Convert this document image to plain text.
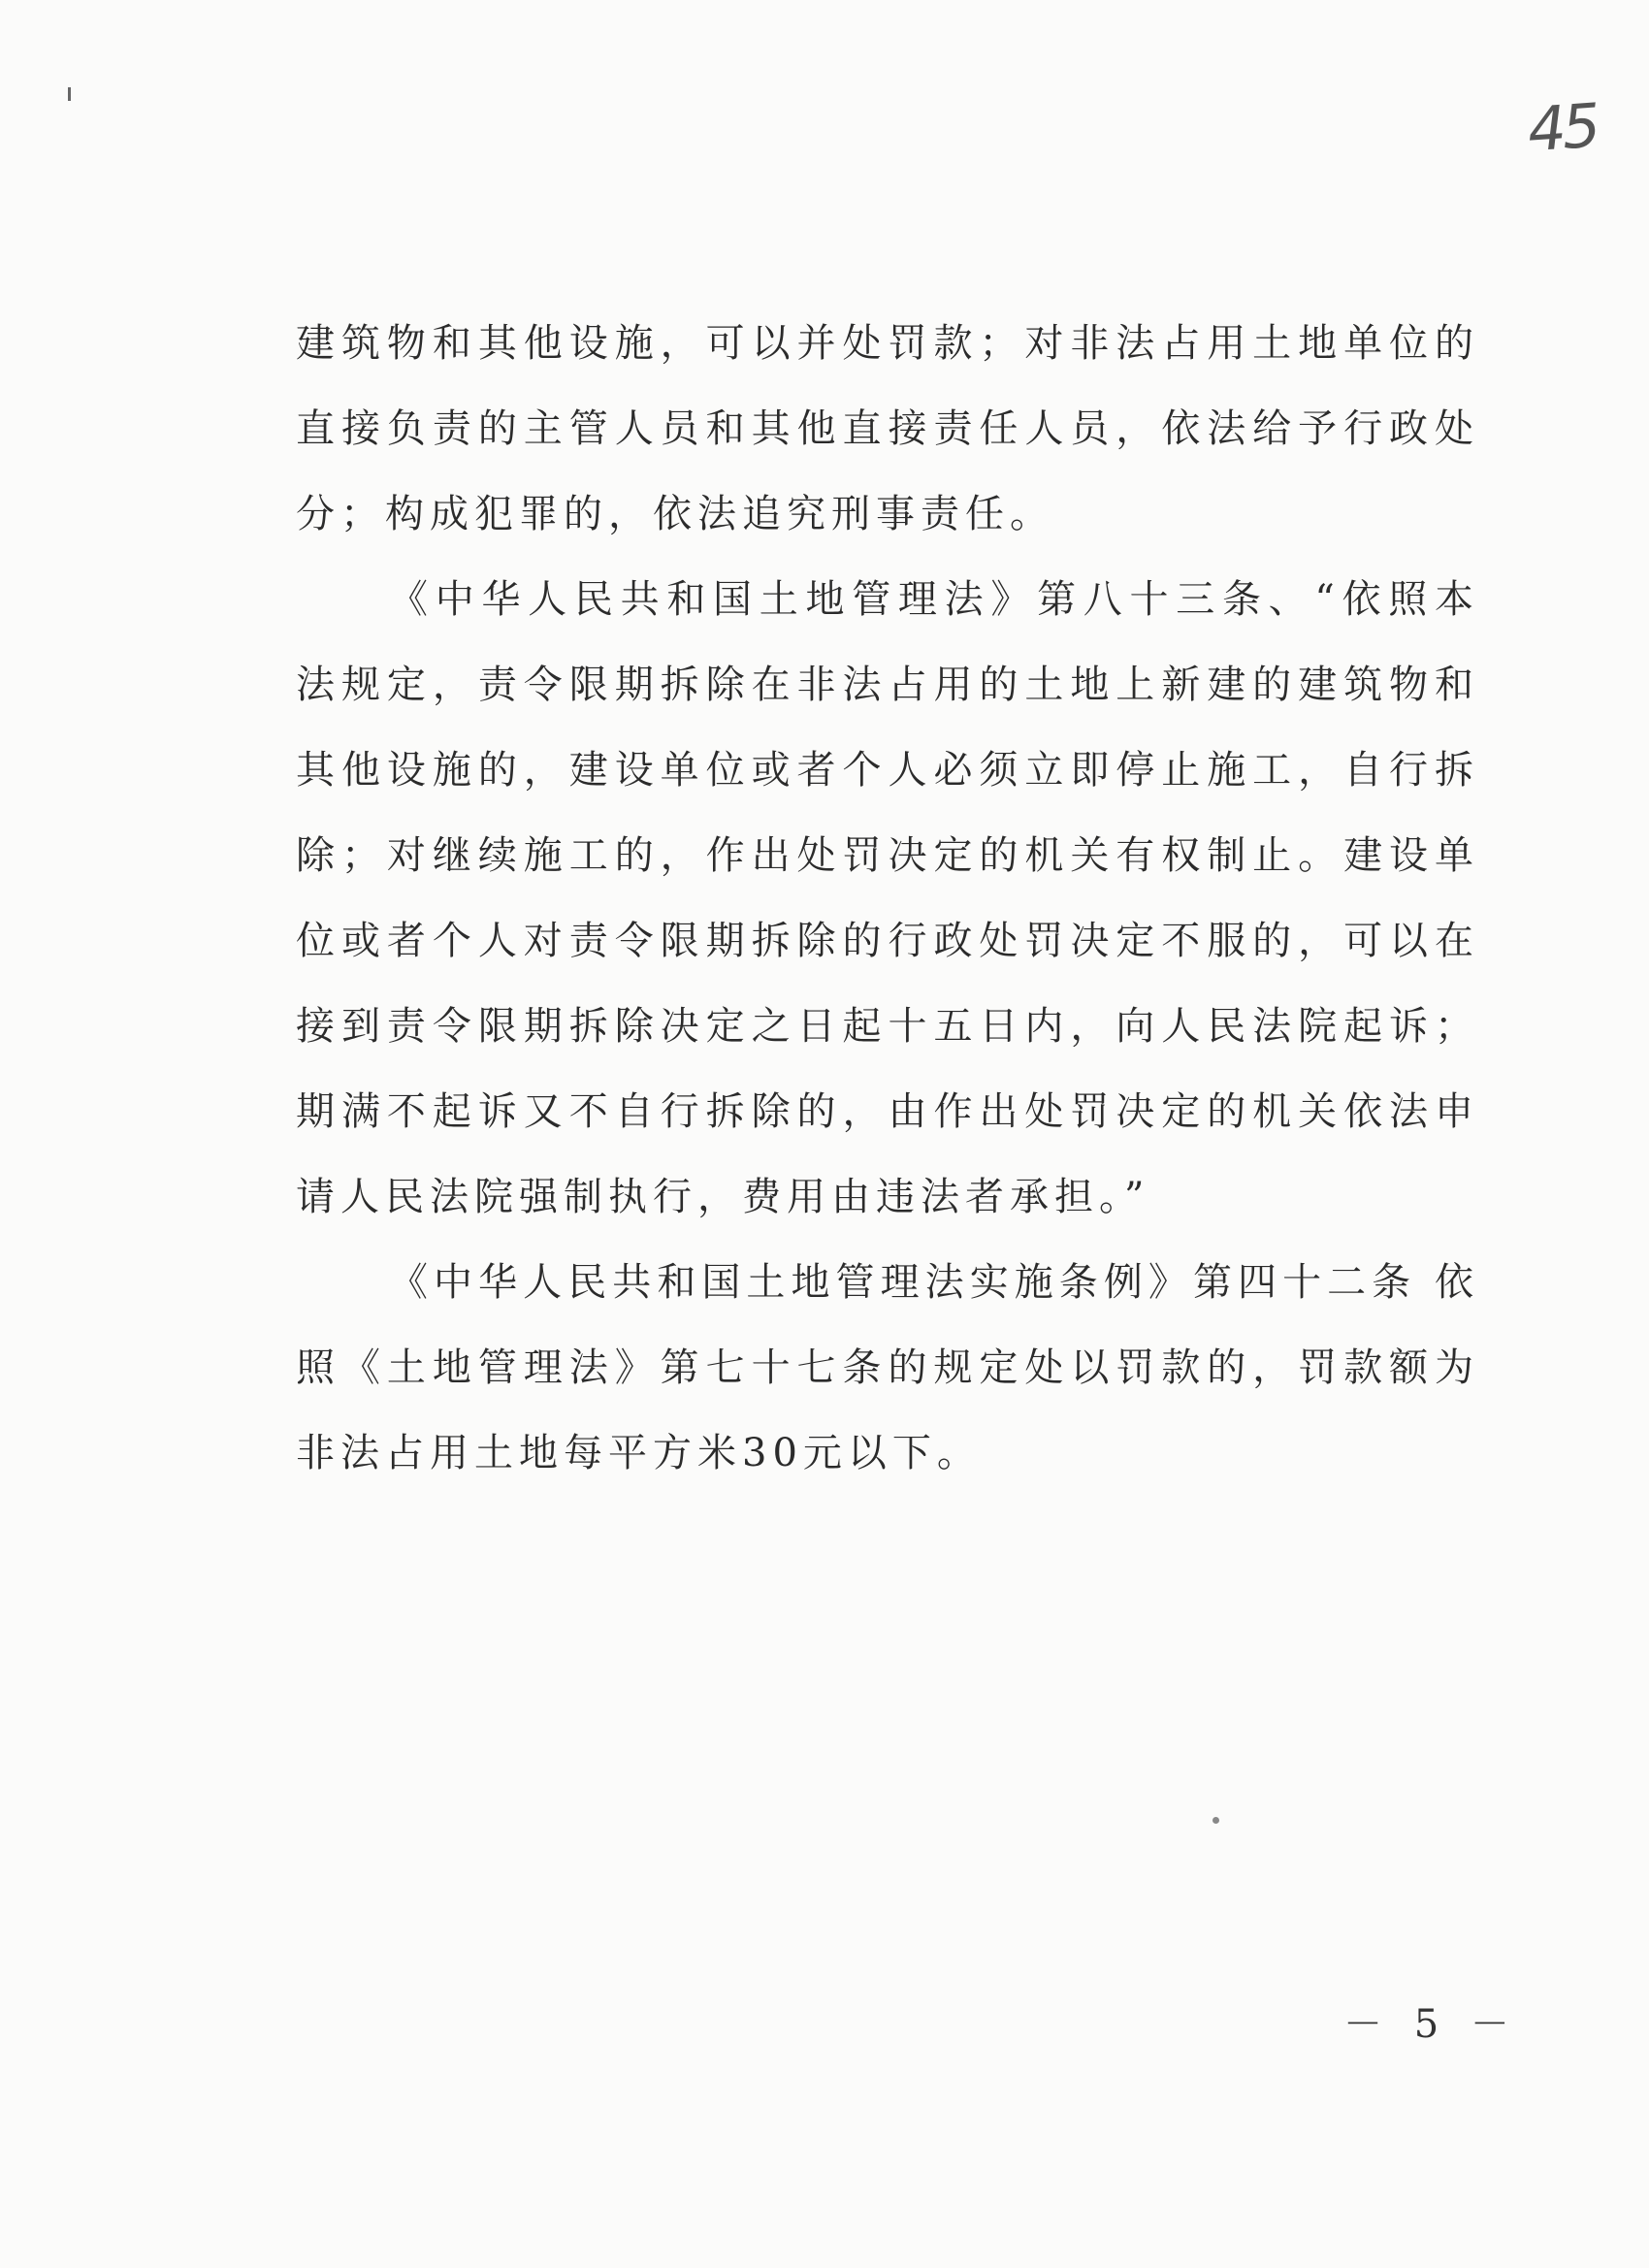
45

建筑物和其他设施，可以并处罚款；对非法占用土地单位的直接负责的主管人员和其他直接责任人员，依法给予行政处分；构成犯罪的，依法追究刑事责任。

《中华人民共和国土地管理法》第八十三条、“依照本法规定，责令限期拆除在非法占用的土地上新建的建筑物和其他设施的，建设单位或者个人必须立即停止施工，自行拆除；对继续施工的，作出处罚决定的机关有权制止。建设单位或者个人对责令限期拆除的行政处罚决定不服的，可以在接到责令限期拆除决定之日起十五日内，向人民法院起诉；期满不起诉又不自行拆除的，由作出处罚决定的机关依法申请人民法院强制执行，费用由违法者承担。”

《中华人民共和国土地管理法实施条例》第四十二条 依照《土地管理法》第七十七条的规定处以罚款的，罚款额为非法占用土地每平方米30元以下。

－ 5 －
